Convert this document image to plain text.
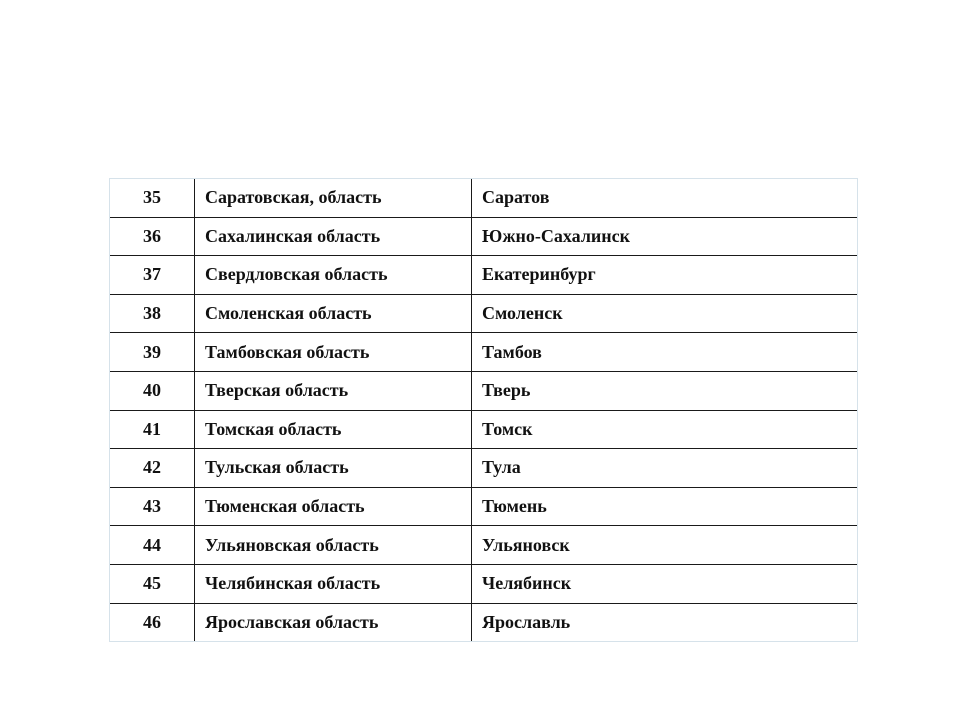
35	Саратовская, область	Саратов
36	Сахалинская область	Южно-Сахалинск
37	Свердловская область	Екатеринбург
38	Смоленская область	Смоленск
39	Тамбовская область	Тамбов
40	Тверская область	Тверь
41	Томская область	Томск
42	Тульская область	Тула
43	Тюменская область	Тюмень
44	Ульяновская область	Ульяновск
45	Челябинская область	Челябинск
46	Ярославская область	Ярославль
